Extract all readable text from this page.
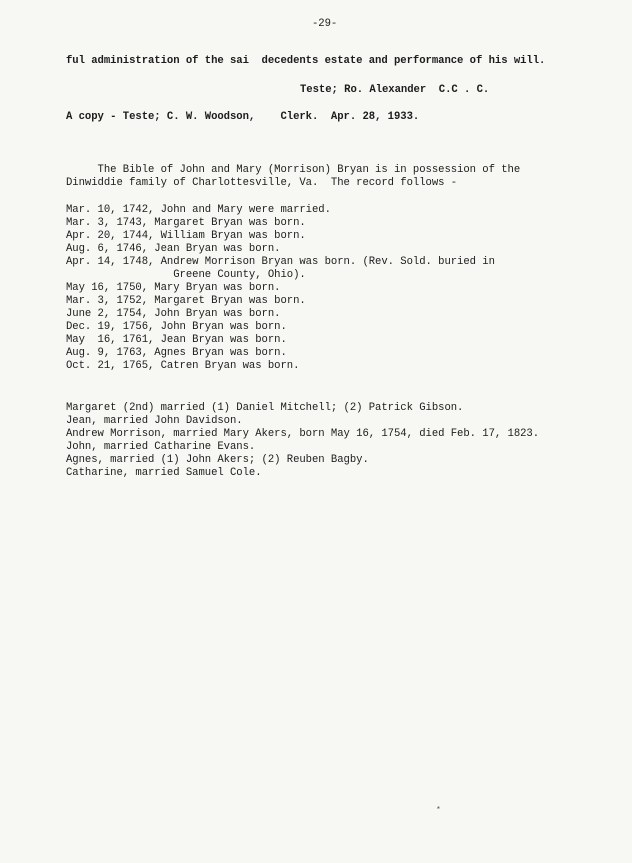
-29-
ful administration of the sai  decedents estate and performance of his will.
Teste; Ro. Alexander  C.C . C.
A copy - Teste; C. W. Woodson,    Clerk.  Apr. 28, 1933.
The Bible of John and Mary (Morrison) Bryan is in possession of the
Dinwiddie family of Charlottesville, Va.  The record follows -
Mar. 10, 1742, John and Mary were married.
Mar. 3, 1743, Margaret Bryan was born.
Apr. 20, 1744, William Bryan was born.
Aug. 6, 1746, Jean Bryan was born.
Apr. 14, 1748, Andrew Morrison Bryan was born. (Rev. Sold. buried in
Greene County, Ohio).
May 16, 1750, Mary Bryan was born.
Mar. 3, 1752, Margaret Bryan was born.
June 2, 1754, John Bryan was born.
Dec. 19, 1756, John Bryan was born.
May  16, 1761, Jean Bryan was born.
Aug. 9, 1763, Agnes Bryan was born.
Oct. 21, 1765, Catren Bryan was born.
Margaret (2nd) married (1) Daniel Mitchell; (2) Patrick Gibson.
Jean, married John Davidson.
Andrew Morrison, married Mary Akers, born May 16, 1754, died Feb. 17, 1823.
John, married Catharine Evans.
Agnes, married (1) John Akers; (2) Reuben Bagby.
Catharine, married Samuel Cole.
*
